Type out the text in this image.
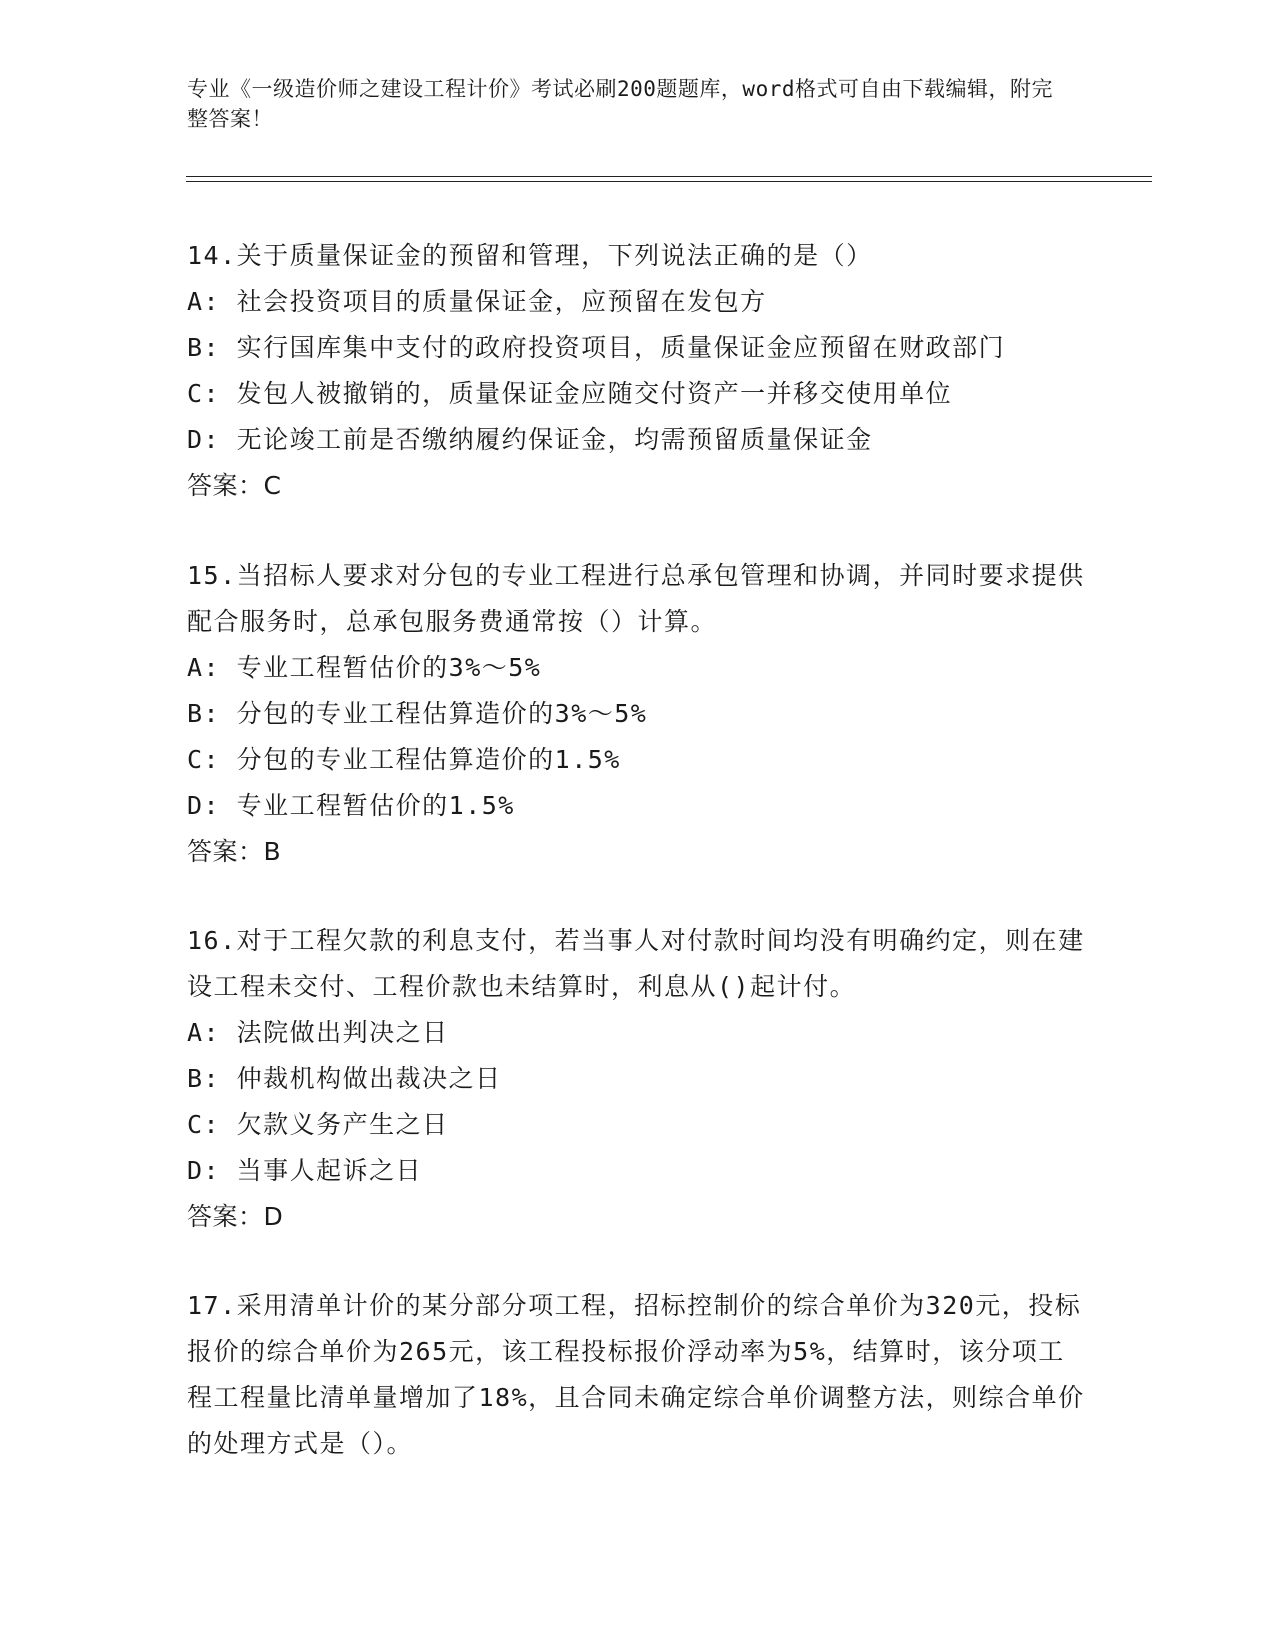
专业《一级造价师之建设工程计价》考试必刷200题题库，word格式可自由下载编辑，附完整答案！
14.关于质量保证金的预留和管理，下列说法正确的是（）
A: 社会投资项目的质量保证金，应预留在发包方
B: 实行国库集中支付的政府投资项目，质量保证金应预留在财政部门
C: 发包人被撤销的，质量保证金应随交付资产一并移交使用单位
D: 无论竣工前是否缴纳履约保证金，均需预留质量保证金
答案：C
15.当招标人要求对分包的专业工程进行总承包管理和协调，并同时要求提供配合服务时，总承包服务费通常按（）计算。
A: 专业工程暂估价的3%～5%
B: 分包的专业工程估算造价的3%～5%
C: 分包的专业工程估算造价的1.5%
D: 专业工程暂估价的1.5%
答案：B
16.对于工程欠款的利息支付，若当事人对付款时间均没有明确约定，则在建设工程未交付、工程价款也未结算时，利息从()起计付。
A: 法院做出判决之日
B: 仲裁机构做出裁决之日
C: 欠款义务产生之日
D: 当事人起诉之日
答案：D
17.采用清单计价的某分部分项工程，招标控制价的综合单价为320元，投标报价的综合单价为265元，该工程投标报价浮动率为5%，结算时，该分项工程工程量比清单量增加了18%，且合同未确定综合单价调整方法，则综合单价的处理方式是（）。
